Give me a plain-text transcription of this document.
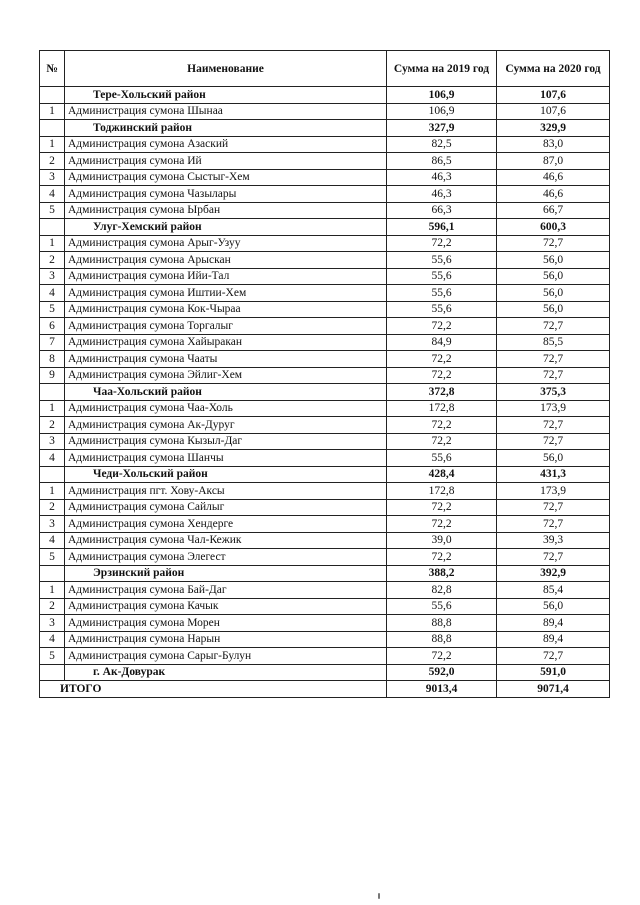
№	Наименование	Сумма на 2019 год	Сумма на 2020 год
	Тере-Хольский район	106,9	107,6
1	Администрация сумона Шынаа	106,9	107,6
	Тоджинский район	327,9	329,9
1	Администрация сумона Азаский	82,5	83,0
2	Администрация сумона Ий	86,5	87,0
3	Администрация сумона Сыстыг-Хем	46,3	46,6
4	Администрация сумона Чазылары	46,3	46,6
5	Администрация сумона Ырбан	66,3	66,7
	Улуг-Хемский район	596,1	600,3
1	Администрация сумона Арыг-Узуу	72,2	72,7
2	Администрация сумона Арыскан	55,6	56,0
3	Администрация сумона Ийи-Тал	55,6	56,0
4	Администрация сумона Иштии-Хем	55,6	56,0
5	Администрация сумона Кок-Чыраа	55,6	56,0
6	Администрация сумона Торгалыг	72,2	72,7
7	Администрация сумона Хайыракан	84,9	85,5
8	Администрация сумона Чааты	72,2	72,7
9	Администрация сумона Эйлиг-Хем	72,2	72,7
	Чаа-Хольский район	372,8	375,3
1	Администрация сумона Чаа-Холь	172,8	173,9
2	Администрация сумона Ак-Дуруг	72,2	72,7
3	Администрация сумона Кызыл-Даг	72,2	72,7
4	Администрация сумона Шанчы	55,6	56,0
	Чеди-Хольский район	428,4	431,3
1	Администрация пгт. Хову-Аксы	172,8	173,9
2	Администрация сумона Сайлыг	72,2	72,7
3	Администрация сумона Хендерге	72,2	72,7
4	Администрация сумона Чал-Кежик	39,0	39,3
5	Администрация сумона Элегест	72,2	72,7
	Эрзинский район	388,2	392,9
1	Администрация сумона Бай-Даг	82,8	85,4
2	Администрация сумона Качык	55,6	56,0
3	Администрация сумона Морен	88,8	89,4
4	Администрация сумона Нарын	88,8	89,4
5	Администрация сумона Сарыг-Булун	72,2	72,7
	г. Ак-Довурак	592,0	591,0
ИТОГО		9013,4	9071,4
